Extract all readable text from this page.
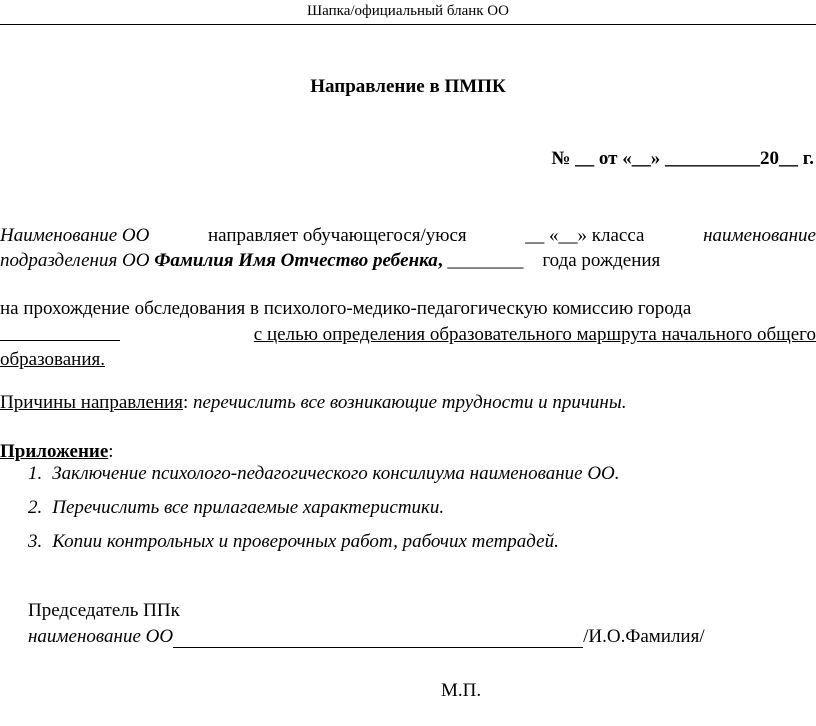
Шапка/официальный бланк ОО
Направление в ПМПК
№ __ от «__» __________20__ г.
Наименование ОО	направляет обучающегося/уюся	__ «__» класса	наименование
подразделения ОО Фамилия Имя Отчество ребенка, ________ года рождения
на прохождение обследования в психолого-медико-педагогическую комиссию города
с целью определения образовательного маршрута начального общего
образования.
Причины направления: перечислить все возникающие трудности и причины.
Приложение:
1. Заключение психолого-педагогического консилиума наименование ОО.
2. Перечислить все прилагаемые характеристики.
3. Копии контрольных и проверочных работ, рабочих тетрадей.
Председатель ППк
наименование ОО	/И.О.Фамилия/
М.П.
